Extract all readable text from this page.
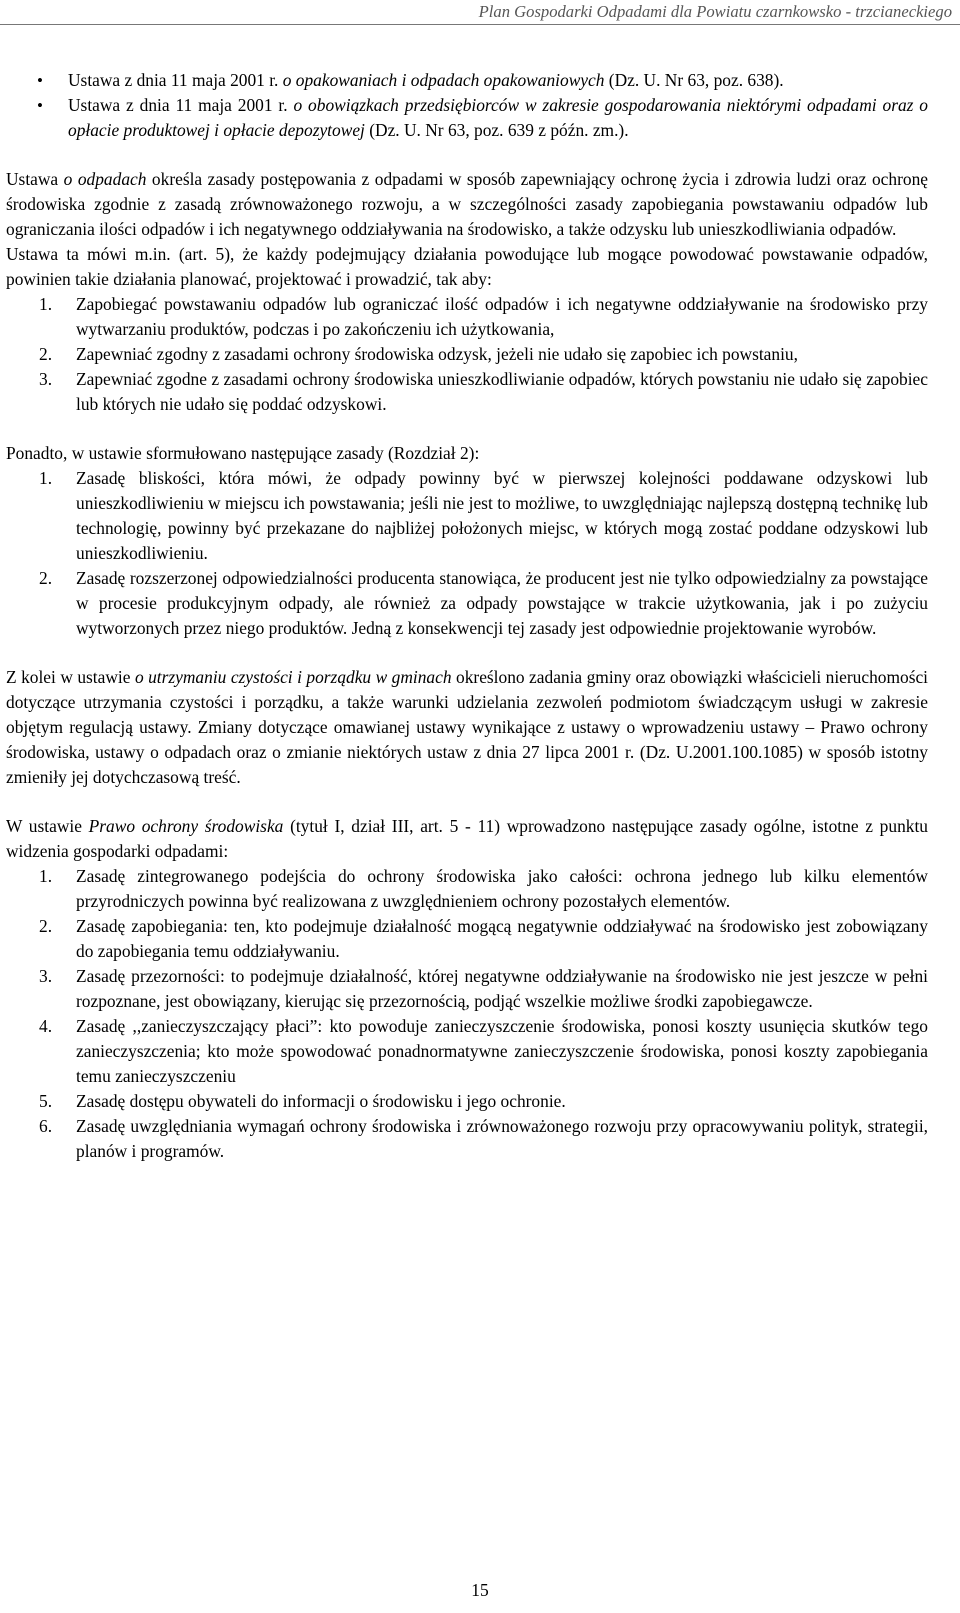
Plan Gospodarki Odpadami dla Powiatu czarnkowsko - trzcianeckiego
• Ustawa z dnia 11 maja 2001 r. o opakowaniach i odpadach opakowaniowych (Dz. U. Nr 63, poz. 638).
• Ustawa z dnia 11 maja 2001 r. o obowiązkach przedsiębiorców w zakresie gospodarowania niektórymi odpadami oraz o opłacie produktowej i opłacie depozytowej (Dz. U. Nr 63, poz. 639 z późn. zm.).

Ustawa o odpadach określa zasady postępowania z odpadami w sposób zapewniający ochronę życia i zdrowia ludzi oraz ochronę środowiska zgodnie z zasadą zrównoważonego rozwoju, a w szczególności zasady zapobiegania powstawaniu odpadów lub ograniczania ilości odpadów i ich negatywnego oddziaływania na środowisko, a także odzysku lub unieszkodliwiania odpadów.

Ustawa ta mówi m.in. (art. 5), że każdy podejmujący działania powodujące lub mogące powodować powstawanie odpadów, powinien takie działania planować, projektować i prowadzić, tak aby:

1.	Zapobiegać powstawaniu odpadów lub ograniczać ilość odpadów i ich negatywne oddziaływanie na środowisko przy wytwarzaniu produktów, podczas i po zakończeniu ich użytkowania,
2.	Zapewniać zgodny z zasadami ochrony środowiska odzysk, jeżeli nie udało się zapobiec ich powstaniu,
3.	Zapewniać zgodne z zasadami ochrony środowiska unieszkodliwianie odpadów, których powstaniu nie udało się zapobiec lub których nie udało się poddać odzyskowi.

Ponadto, w ustawie sformułowano następujące zasady (Rozdział 2):

1.	Zasadę bliskości, która mówi, że odpady powinny być w pierwszej kolejności poddawane odzyskowi lub unieszkodliwieniu w miejscu ich powstawania; jeśli nie jest to możliwe, to uwzględniając najlepszą dostępną technikę lub technologię, powinny być przekazane do najbliżej położonych miejsc, w których mogą zostać poddane odzyskowi lub unieszkodliwieniu.
2.	Zasadę rozszerzonej odpowiedzialności producenta stanowiąca, że producent jest nie tylko odpowiedzialny za powstające w procesie produkcyjnym odpady, ale również za odpady powstające w trakcie użytkowania, jak i po zużyciu wytworzonych przez niego produktów. Jedną z konsekwencji tej zasady jest odpowiednie projektowanie wyrobów.

Z kolei w ustawie o utrzymaniu czystości i porządku w gminach określono zadania gminy oraz obowiązki właścicieli nieruchomości dotyczące utrzymania czystości i porządku, a także warunki udzielania zezwoleń podmiotom świadczącym usługi w zakresie objętym regulacją ustawy. Zmiany dotyczące omawianej ustawy wynikające z ustawy o wprowadzeniu ustawy – Prawo ochrony środowiska, ustawy o odpadach oraz o zmianie niektórych ustaw z dnia 27 lipca 2001 r. (Dz. U.2001.100.1085) w sposób istotny zmieniły jej dotychczasową treść.

W ustawie Prawo ochrony środowiska (tytuł I, dział III, art. 5 - 11) wprowadzono następujące zasady ogólne, istotne z punktu widzenia gospodarki odpadami:

1.	Zasadę zintegrowanego podejścia do ochrony środowiska jako całości: ochrona jednego lub kilku elementów przyrodniczych powinna być realizowana z uwzględnieniem ochrony pozostałych elementów.
2.	Zasadę zapobiegania: ten, kto podejmuje działalność mogącą negatywnie oddziaływać na środowisko jest zobowiązany do zapobiegania temu oddziaływaniu.
3.	Zasadę przezorności: to podejmuje działalność, której negatywne oddziaływanie na środowisko nie jest jeszcze w pełni rozpoznane, jest obowiązany, kierując się przezornością, podjąć wszelkie możliwe środki zapobiegawcze.
4.	Zasadę ,,zanieczyszczający płaci”: kto powoduje zanieczyszczenie środowiska, ponosi koszty usunięcia skutków tego zanieczyszczenia; kto może spowodować ponadnormatywne zanieczyszczenie środowiska, ponosi koszty zapobiegania temu zanieczyszczeniu
5.	Zasadę dostępu obywateli do informacji o środowisku i jego ochronie.
6.	Zasadę uwzględniania wymagań ochrony środowiska i zrównoważonego rozwoju przy opracowywaniu polityk, strategii, planów i programów.
15
